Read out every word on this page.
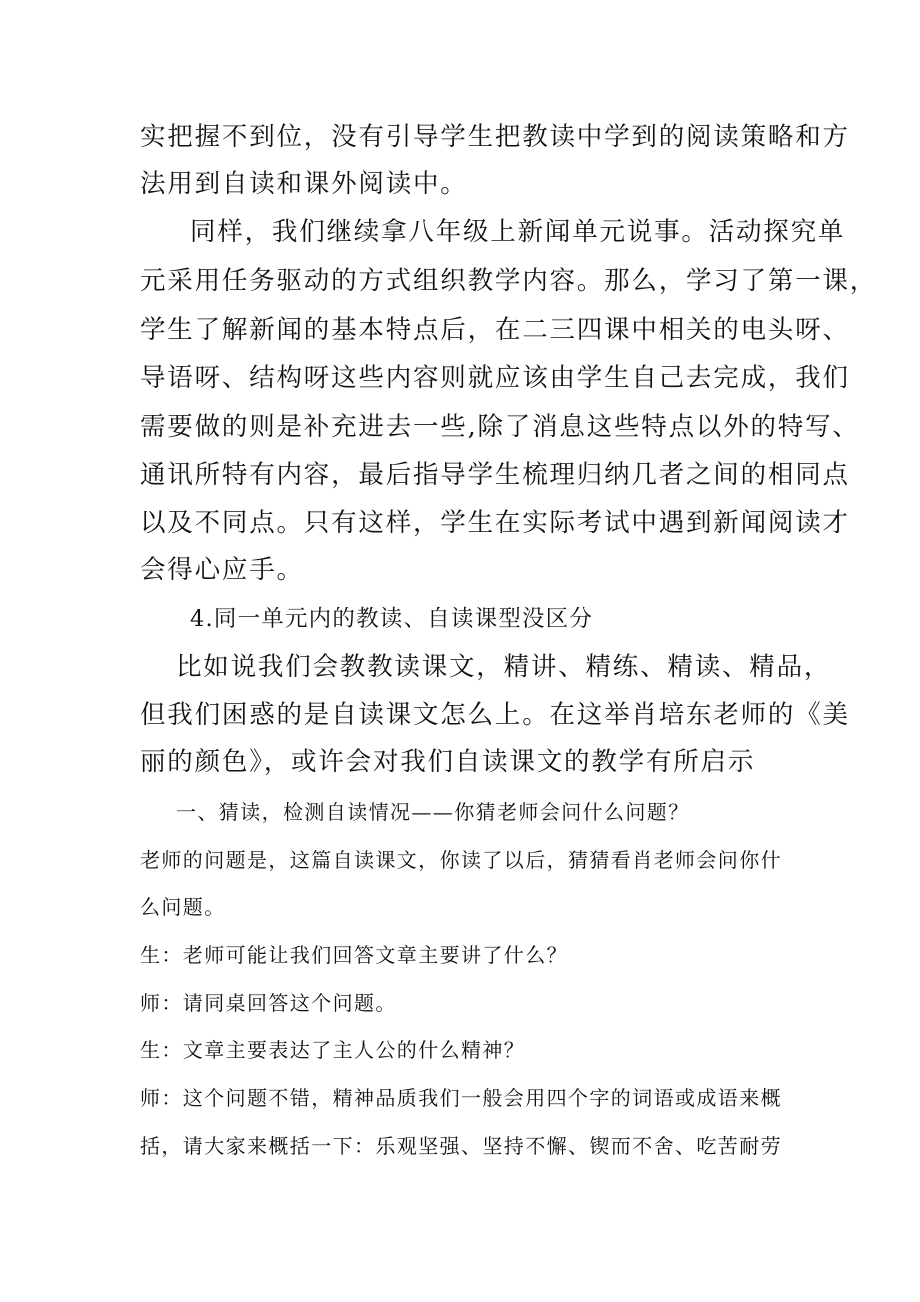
实把握不到位，没有引导学生把教读中学到的阅读策略和方
法用到自读和课外阅读中。
同样，我们继续拿八年级上新闻单元说事。活动探究单
元采用任务驱动的方式组织教学内容。那么，学习了第一课，
学生了解新闻的基本特点后，在二三四课中相关的电头呀、
导语呀、结构呀这些内容则就应该由学生自己去完成，我们
需要做的则是补充进去一些,除了消息这些特点以外的特写、
通讯所特有内容，最后指导学生梳理归纳几者之间的相同点
以及不同点。只有这样，学生在实际考试中遇到新闻阅读才
会得心应手。
4.同一单元内的教读、自读课型没区分
比如说我们会教教读课文，精讲、精练、精读、精品，
但我们困惑的是自读课文怎么上。在这举肖培东老师的《美
丽的颜色》，或许会对我们自读课文的教学有所启示
一、猜读，检测自读情况——你猜老师会问什么问题？
老师的问题是，这篇自读课文，你读了以后，猜猜看肖老师会问你什
么问题。
生：老师可能让我们回答文章主要讲了什么？
师：请同桌回答这个问题。
生：文章主要表达了主人公的什么精神？
师：这个问题不错，精神品质我们一般会用四个字的词语或成语来概
括，请大家来概括一下：乐观坚强、坚持不懈、锲而不舍、吃苦耐劳
